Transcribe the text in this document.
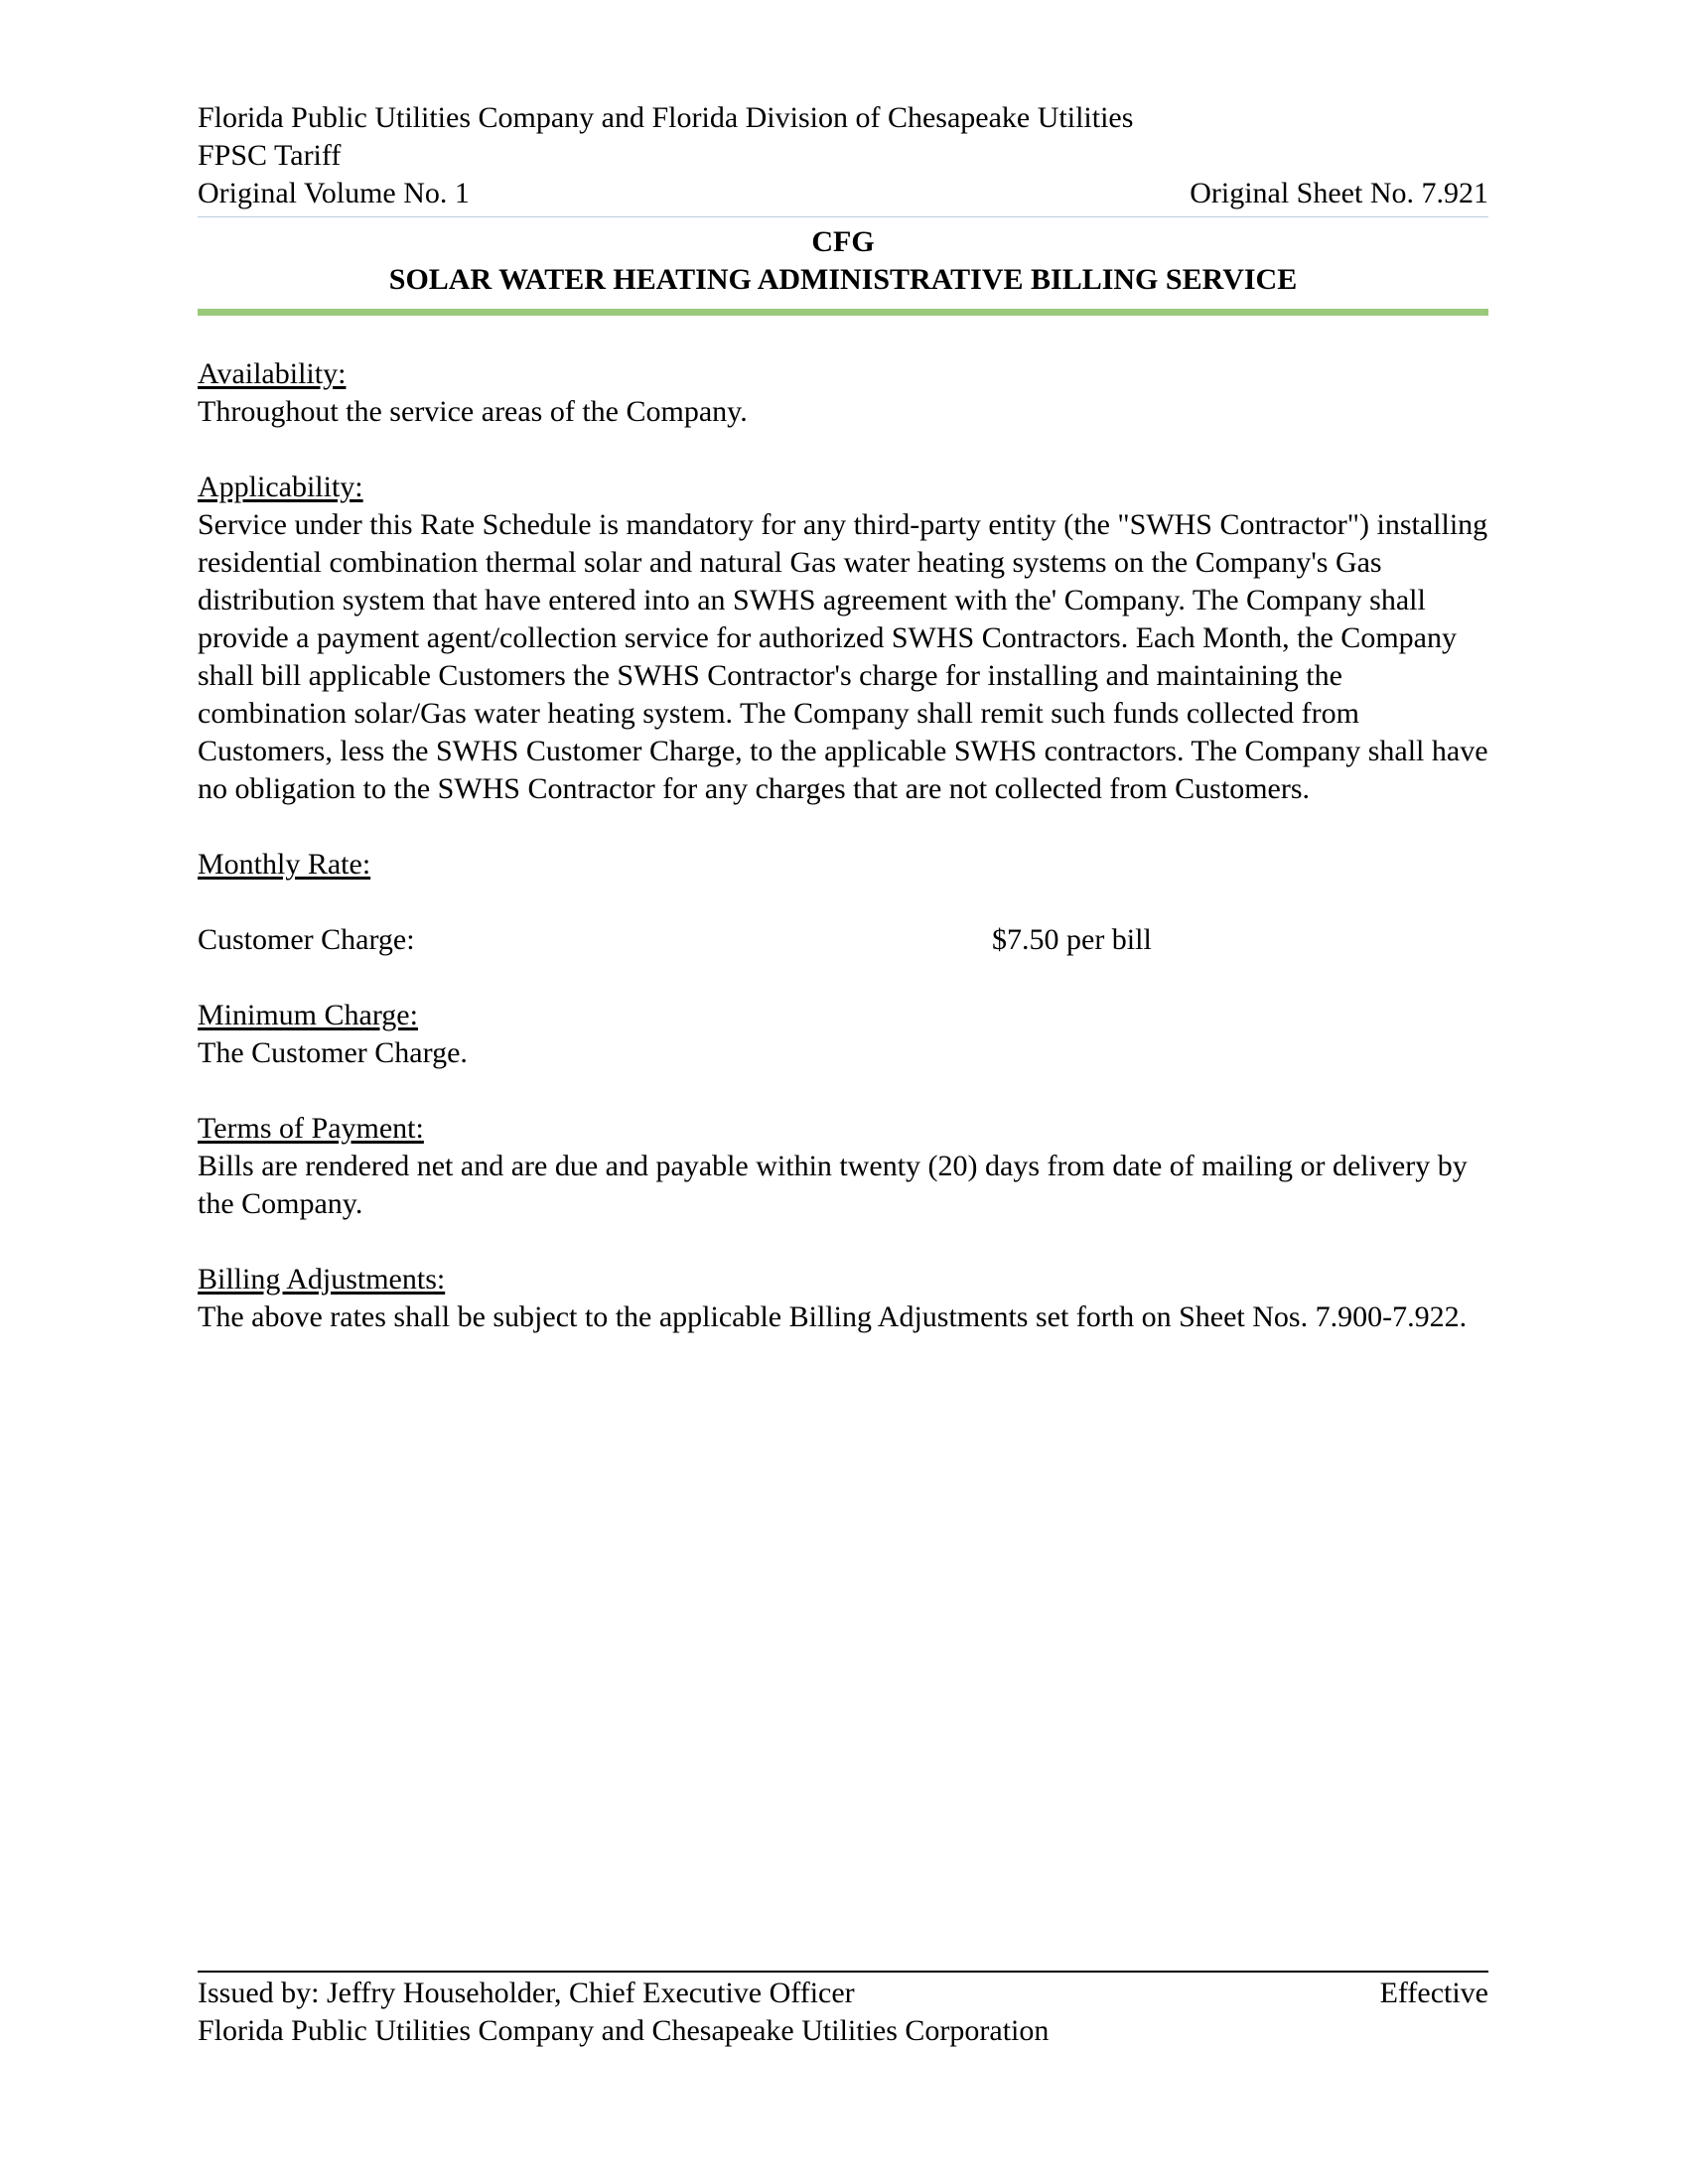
Florida Public Utilities Company and Florida Division of Chesapeake Utilities
FPSC Tariff
Original Volume No. 1	Original Sheet No. 7.921
CFG
SOLAR WATER HEATING ADMINISTRATIVE BILLING SERVICE
Availability:

Throughout the service areas of the Company.

Applicability:

Service under this Rate Schedule is mandatory for any third-party entity (the "SWHS Contractor") installing residential combination thermal solar and natural Gas water heating systems on the Company's Gas distribution system that have entered into an SWHS agreement with the' Company. The Company shall provide a payment agent/collection service for authorized SWHS Contractors. Each Month, the Company shall bill applicable Customers the SWHS Contractor's charge for installing and maintaining the combination solar/Gas water heating system. The Company shall remit such funds collected from Customers, less the SWHS Customer Charge, to the applicable SWHS contractors. The Company shall have no obligation to the SWHS Contractor for any charges that are not collected from Customers.

Monthly Rate:
Customer Charge:	$7.50 per bill
Minimum Charge:

The Customer Charge.

Terms of Payment:

Bills are rendered net and are due and payable within twenty (20) days from date of mailing or delivery by the Company.

Billing Adjustments:

The above rates shall be subject to the applicable Billing Adjustments set forth on Sheet Nos. 7.900-7.922.

Issued by: Jeffry Householder, Chief Executive Officer	Effective
Florida Public Utilities Company and Chesapeake Utilities Corporation
